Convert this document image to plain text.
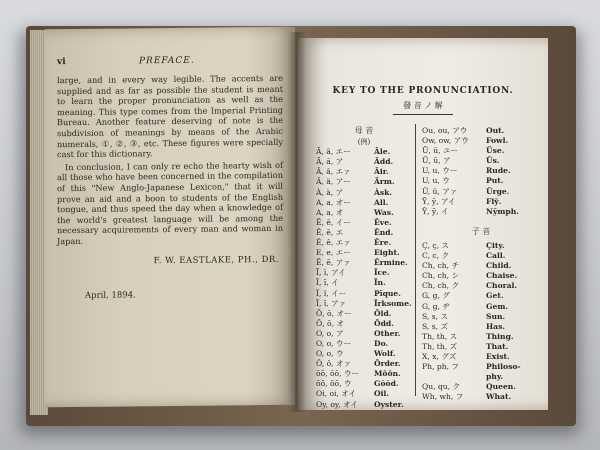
vi	PREFACE.

large, and in every way legible. The accents are supplied and as far as possible the student is meant to learn the proper pronunciation as well as the meaning. This type comes from the Imperial Printing Bureau. Another feature deserving of note is the subdivision of meanings by means of the Arabic numerals, ①, ②, ③, etc. These figures were specially cast for this dictionary.

In conclusion, I can only re echo the hearty wish of all those who have been concerned in the compilation of this "New Anglo-Japanese Lexicon," that it will prove an aid and a boon to students of the English tongue, and thus speed the day when a knowledge of the world's greatest language will be among the necessary acquirements of every man and woman in Japan.

F. W. EASTLAKE, PH., DR.
April, 1894.
KEY TO THE PRONUNCIATION.
發 音 ノ 解
母 音
(例)
Ā, ā, エー	Āle.
Ă, ă, ア	Ădd.
Â, â, エァ	Âir.
Ä, ä, アー	Ärm.
À, à, ア	Àsk.
A, a, オー	All.
A, a, オ	Was.
Ē, ē, イー	Ēve.
Ĕ, ĕ, エ	Ĕnd.
Ê, ê, エァ	Êre.
E, e, エー	Eight.
Ẽ, ẽ, アァ	Ẽrmine.
Ī, ī, アイ	Īce.
Ĭ, ĭ, イ	Ĭn.
Ï, ï, イー	Pïque.
Ĩ, ĩ, アァ	Ĩrksome.
Ō, ō, オー	Ōld.
Ŏ, ŏ, オ	Ŏdd.
O, o, ア	Other.
O, o, ウー	Do.
O, o, ウ	Wolf.
Ô, ô, オァ	Ôrder.
ōō, ōō, ウー Mōōn.
ŏŏ, ŏŏ, ウ	Gŏŏd.
Oi, oi, オイ Oil.
Oy, oy, オイ Oyster.
Ou, ou, アウ Out.
Ow, ow, アウ Fowl.
Ū, ū, ユー	Ūse.
Ŭ, ŭ, ア	Ŭs.
U, u, ウー	Rude.
U, u, ウ	Put.
Û, û, アァ	Ûrge.
Ȳ, ȳ, アイ	Flȳ.
Y̆, y̆, イ	Ny̆mph.
子 音
Ç, ç, ス	Çity.
C, c, ク	Call.
Ch, ch, チ	Child.
Ch, ch, シ	Chaise.
Ch, ch, ク	Choral.
G, g, グ	Get.
G, g, ヂ	Gem.
S, s, ス	Sun.
S, s, ズ	Has.
Th, th, ス	Thing.
Th, th, ズ	That.
X, x, グズ	Exist.
Ph, ph, フ	Philoso-
phy.
Qu, qu, ク	Queen.
Wh, wh, フ	What.
